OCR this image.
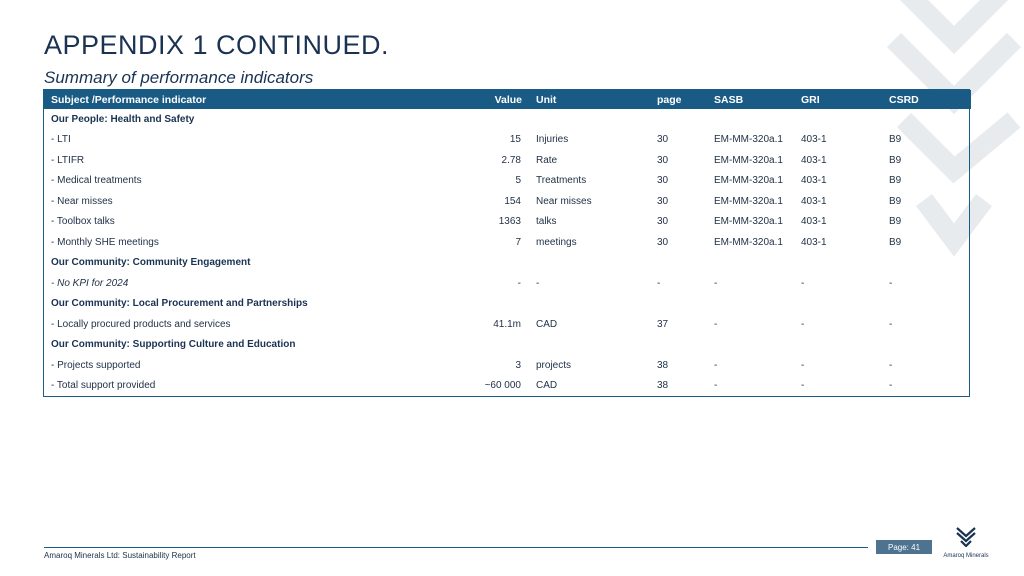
APPENDIX 1 CONTINUED.
Summary of performance indicators
Subject /Performance indicator	Value	Unit	page	SASB	GRI	CSRD
Our People: Health and Safety						
- LTI	15	Injuries	30	EM-MM-320a.1	403-1	B9
- LTIFR	2.78	Rate	30	EM-MM-320a.1	403-1	B9
- Medical treatments	5	Treatments	30	EM-MM-320a.1	403-1	B9
- Near misses	154	Near misses	30	EM-MM-320a.1	403-1	B9
- Toolbox talks	1363	talks	30	EM-MM-320a.1	403-1	B9
- Monthly SHE meetings	7	meetings	30	EM-MM-320a.1	403-1	B9
Our Community: Community Engagement						
- No KPI for 2024	-	-	-	-	-	-
Our Community: Local Procurement and Partnerships						
- Locally procured products and services	41.1m	CAD	37	-	-	-
Our Community: Supporting Culture and Education						
- Projects supported	3	projects	38	-	-	-
- Total support provided	~60 000	CAD	38	-	-	-
Amaroq Minerals Ltd: Sustainability Report
Page: 41
Amaroq Minerals
